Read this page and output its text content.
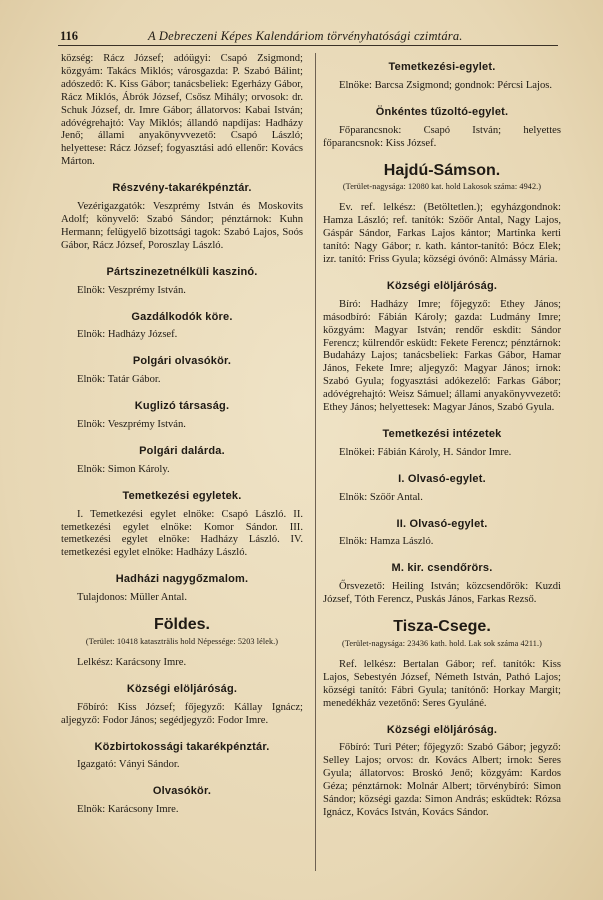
116	A Debreczeni Képes Kalendáriom törvényhatósági czimtára.

község: Rácz József; adóügyi: Csapó Zsigmond; közgyám: Takács Miklós; városgazda: P. Szabó Bálint; adószedő: K. Kiss Gábor; tanácsbeliek: Egerházy Gábor, Rácz Miklós, Ábrók József, Csősz Mihály; orvosok: dr. Schuk József, dr. Imre Gábor; állatorvos: Kabai István; adóvégrehajtó: Vay Miklós; állandó napdíjas: Hadházy Jenő; állami anyakönyvvezető: Csapó László; helyettese: Rácz József; fogyasztási adó ellenőr: Kovács Márton.

Részvény-takarékpénztár.

Vezérigazgatók: Veszprémy István és Moskovits Adolf; könyvelő: Szabó Sándor; pénztárnok: Kuhn Hermann; felügyelő bizottsági tagok: Szabó Lajos, Soós Gábor, Rácz József, Poroszlay László.

Pártszinezetnélküli kaszinó.

Elnök: Veszprémy István.

Gazdálkodók köre.

Elnök: Hadházy József.

Polgári olvasókör.

Elnök: Tatár Gábor.

Kuglizó társaság.

Elnök: Veszprémy István.

Polgári dalárda.

Elnök: Simon Károly.

Temetkezési egyletek.

I. Temetkezési egylet elnöke: Csapó László. II. temetkezési egylet elnöke: Komor Sándor. III. temetkezési egylet elnöke: Hadházy László. IV. temetkezési egylet elnöke: Hadházy László.

Hadházi nagygőzmalom.

Tulajdonos: Müller Antal.

Földes.
(Terület: 10418 kataszträlis hold Népessége: 5203 lélek.)

Lelkész: Karácsony Imre.

Községi elöljáróság.

Főbíró: Kiss József; főjegyző: Kállay Ignácz; aljegyző: Fodor János; segédjegyző: Fodor Imre.

Közbirtokossági takarékpénztár.

Igazgató: Ványi Sándor.

Olvasókör.

Elnök: Karácsony Imre.

Temetkezési-egylet.

Elnöke: Barcsa Zsigmond; gondnok: Pércsi Lajos.

Önkéntes tűzoltó-egylet.

Főparancsnok: Csapó István; helyettes főparancsnok: Kiss József.

Hajdú-Sámson.
(Terület-nagysága: 12080 kat. hold Lakosok száma: 4942.)

Ev. ref. lelkész: (Betöltetlen.); egyházgondnok: Hamza László; ref. tanítók: Szöőr Antal, Nagy Lajos, Gáspár Sándor, Farkas Lajos kántor; Martinka kerti tanító: Nagy Gábor; r. kath. kántor-tanító: Bócz Elek; izr. tanító: Friss Gyula; községi óvónő: Almássy Mária.

Községi elöljáróság.

Bíró: Hadházy Imre; főjegyző: Ethey János; másodbíró: Fábián Károly; gazda: Ludmány Imre; közgyám: Magyar István; rendőr eskdit: Sándor Ferencz; külrendőr esküdt: Fekete Ferencz; pénztárnok: Budaházy Lajos; tanácsbeliek: Farkas Gábor, Hamar János, Fekete Imre; aljegyző: Magyar János; irnok: Szabó Gyula; fogyasztási adókezelő: Farkas Gábor; adóvégrehajtó: Weisz Sámuel; állami anyakönyvvezető: Ethey János; helyettesek: Magyar János, Szabó Gyula.

Temetkezési intézetek

Elnökei: Fábián Károly, H. Sándor Imre.

I. Olvasó-egylet.

Elnök: Szöőr Antal.

II. Olvasó-egylet.

Elnök: Hamza László.

M. kir. csendőrörs.

Őrsvezető: Heiling István; közcsendőrök: Kuzdi József, Tóth Ferencz, Puskás János, Farkas Rezső.

Tisza-Csege.
(Terület-nagysága: 23436 kath. hold. Lak sok száma 4211.)

Ref. lelkész: Bertalan Gábor; ref. tanítók: Kiss Lajos, Sebestyén József, Németh István, Pathó Lajos; községi tanító: Fábri Gyula; tanítónő: Horkay Margit; menedékház vezetőnő: Seres Gyuláné.

Községi elöljáróság.

Főbíró: Turi Péter; főjegyző: Szabó Gábor; jegyző: Selley Lajos; orvos: dr. Kovács Albert; irnok: Seres Gyula; állatorvos: Broskó Jenő; közgyám: Kardos Géza; pénztárnok: Molnár Albert; törvénybíró: Simon Sándor; községi gazda: Simon András; esküdtek: Rózsa Ignácz, Kovács István, Kovács Sándor.
